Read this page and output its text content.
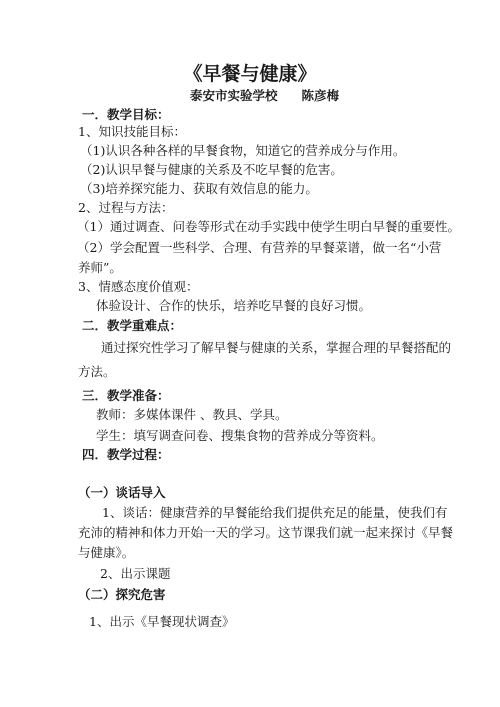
《早餐与健康》
泰安市实验学校 陈彦梅
一．教学目标：
1、知识技能目标：
（1)认识各种各样的早餐食物，知道它的营养成分与作用。
（2)认识早餐与健康的关系及不吃早餐的危害。
（3)培养探究能力、获取有效信息的能力。
2、过程与方法：
（1）通过调查、问卷等形式在动手实践中使学生明白早餐的重要性。
（2）学会配置一些科学、合理、有营养的早餐菜谱，做一名“小营
养师”。
3、情感态度价值观：
体验设计、合作的快乐，培养吃早餐的良好习惯。
二．教学重难点：
通过探究性学习了解早餐与健康的关系，掌握合理的早餐搭配的
方法。
三．教学准备：
教师：多媒体课件 、教具、学具。
学生：填写调查问卷、搜集食物的营养成分等资料。
四．教学过程：
（一）谈话导入
1、谈话：健康营养的早餐能给我们提供充足的能量，使我们有
充沛的精神和体力开始一天的学习。这节课我们就一起来探讨《早餐
与健康》。
2、出示课题
（二）探究危害
1、出示《早餐现状调查》
